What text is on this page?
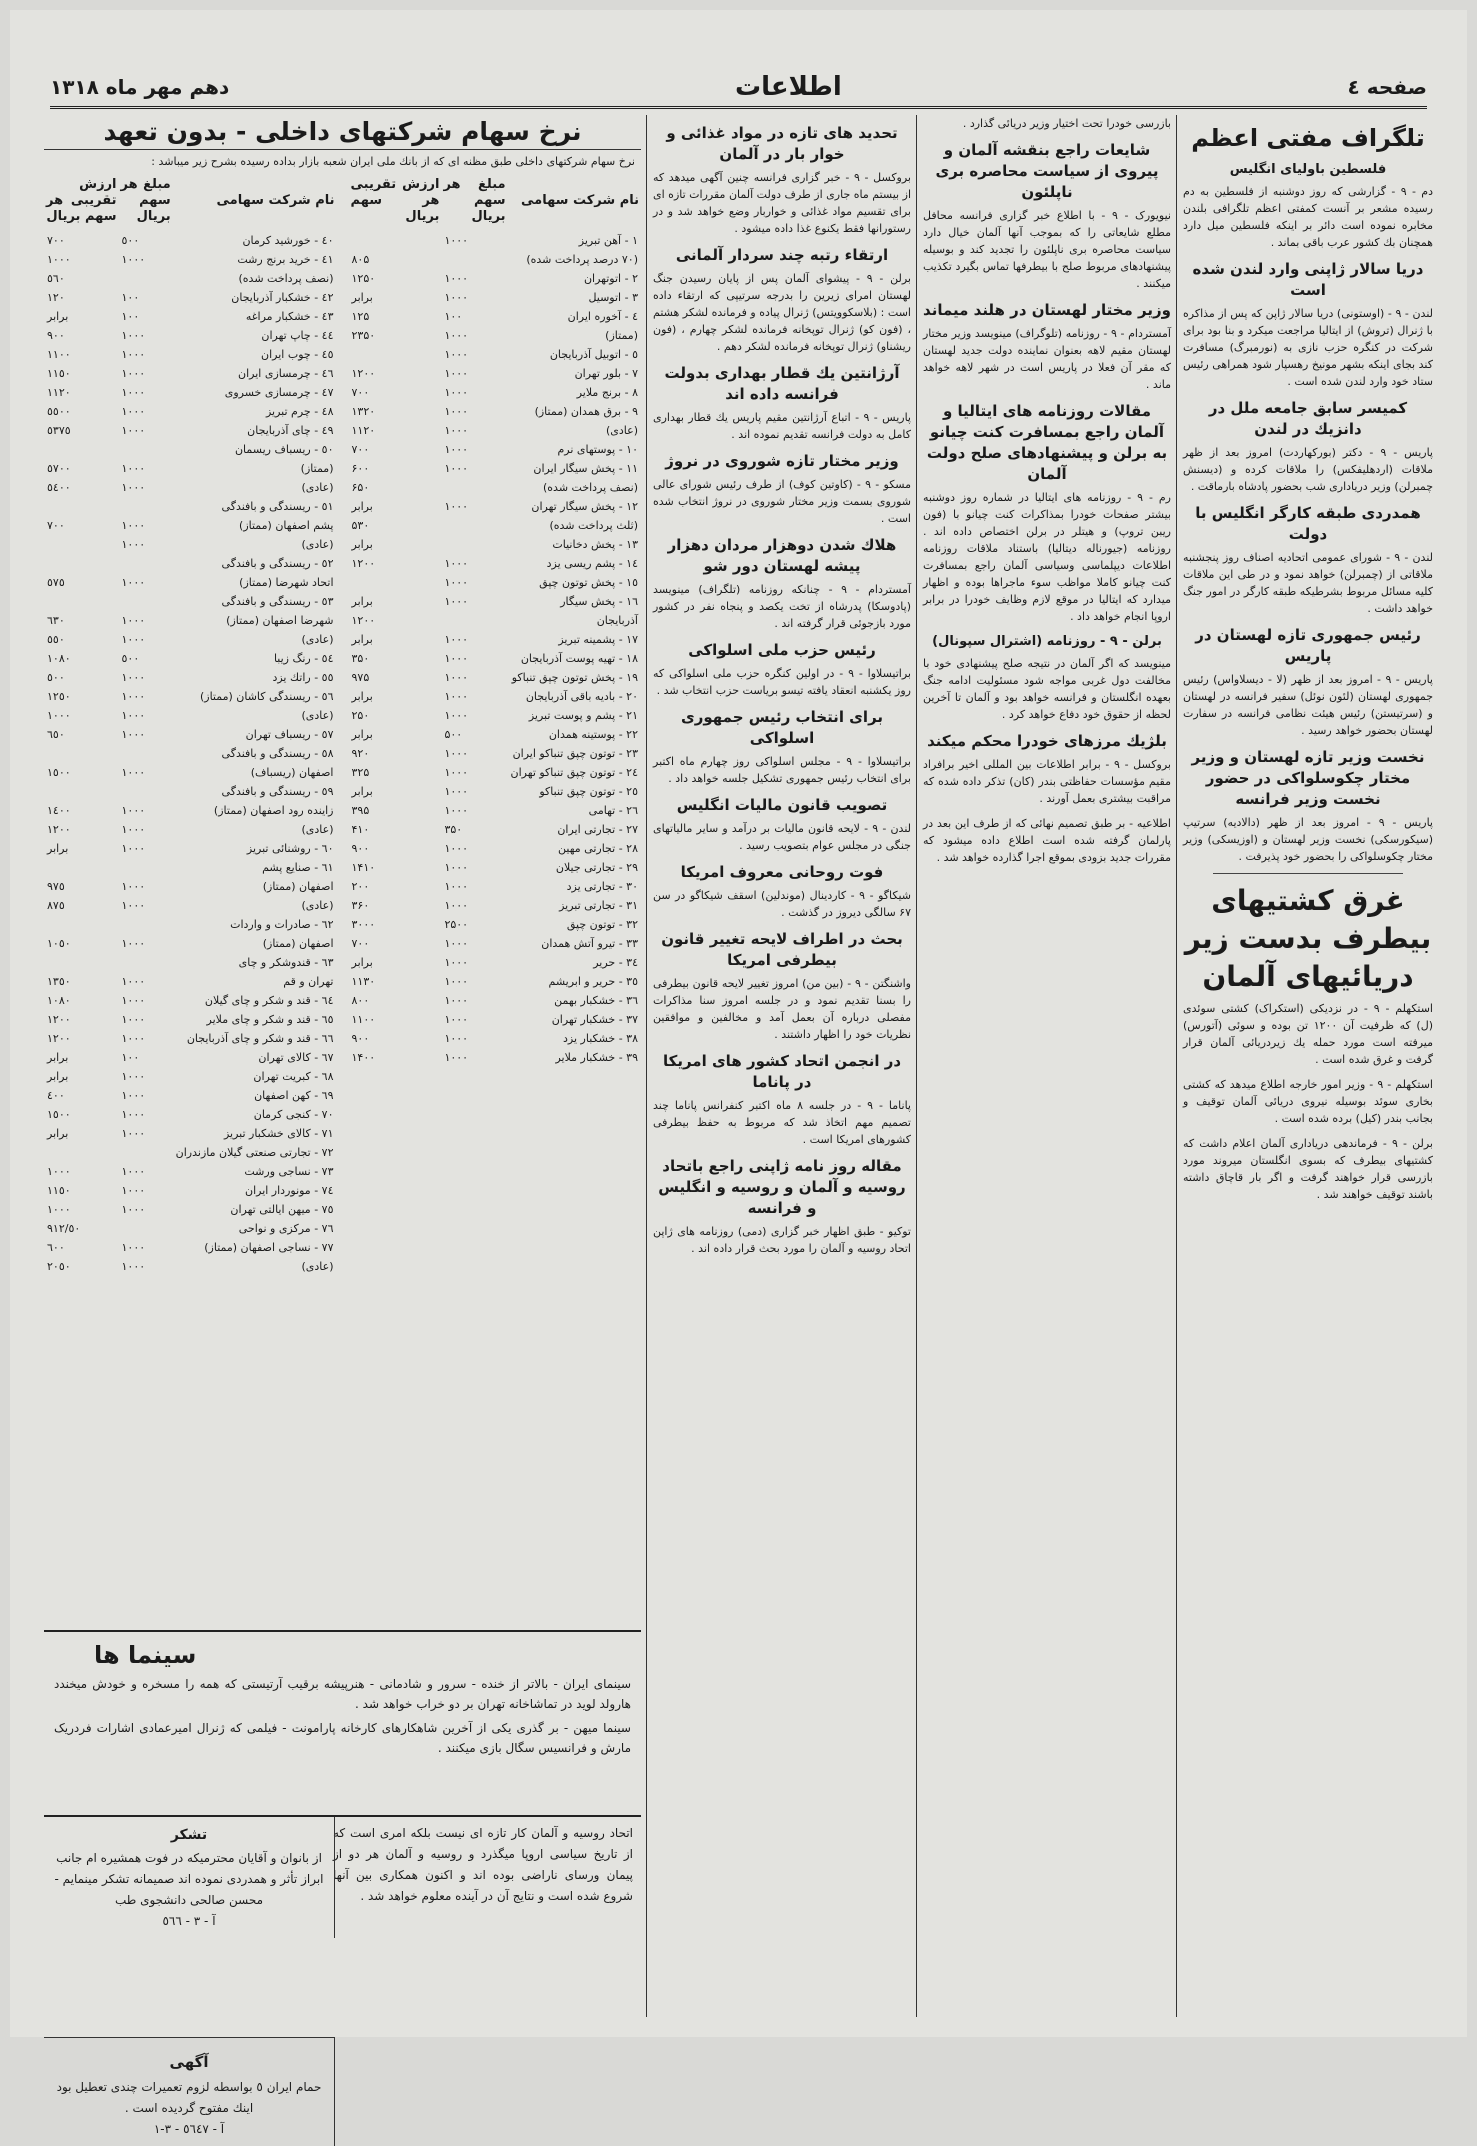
صفحه ٤
اطلاعات
دهم مهر ماه ۱۳۱۸
تلگراف مفتی اعظم
فلسطین باولیای انگلیس

دم - ۹ - گزارشی که روز دوشنبه از فلسطین به دم رسیده مشعر بر آنست کمفتی اعظم تلگرافی بلندن مخابره نموده است دائر بر اینکه فلسطین میل دارد همچنان بك كشور عرب باقی بماند .

دریا سالار ژاپنی وارد لندن شده است

لندن - ۹ - (اوستونی) دریا سالار ژاپن که پس از مذاکره با ژنرال (تروش) از ایتالیا مراجعت میکرد و بنا بود برای شرکت در کنگره حزب نازی به (نورمبرگ) مسافرت کند بجای اینکه بشهر مونیخ رهسپار شود همراهی رئیس ستاد خود وارد لندن شده است .

کمیسر سابق جامعه ملل در دانزیك در لندن

پاریس - ۹ - دکتر (بورکهاردت) امروز بعد از ظهر ملاقات (اردهلیفکس) را ملاقات کرده و (دیسنش چمبرلن) وزیر دریاداری شب بحضور پادشاه بارماقت .

همدردی طبقه کارگر انگلیس با دولت

لندن - ۹ - شورای عمومی اتحادیه اصناف روز پنجشنبه ملاقاتی از (چمبرلن) خواهد نمود و در طی این ملاقات کلیه مسائل مربوط بشرطیکه طبقه کارگر در امور جنگ خواهد داشت .

رئیس جمهوری تازه لهستان در پاریس

پاریس - ۹ - امروز بعد از ظهر (لا - دیسلاواس) رئیس جمهوری لهستان (لئون نوئل) سفیر فرانسه در لهستان و (سرتیستن) رئیس هیئت نظامی فرانسه در سفارت لهستان بحضور خواهد رسید .

نخست وزیر تازه لهستان و وزیر مختار چکوسلواکی در حضور نخست وزیر فرانسه

پاریس - ۹ - امروز بعد از ظهر (دالادیه) سرتیپ (سیکورسکی) نخست وزیر لهستان و (اوزیسکی) وزیر مختار چکوسلواکی را بحضور خود پذیرفت .

غرق کشتیهای بیطرف بدست زیر دریائیهای آلمان

استکهلم - ۹ - در نزدیکی (استکراک) کشتی سوئدی (ل) که ظرفیت آن ۱۲۰۰ تن بوده و سوئی (آتورس) میرفته است مورد حمله یك زیردریائی آلمان قرار گرفت و غرق شده است .

استکهلم - ۹ - وزیر امور خارجه اطلاع میدهد که کشتی بخاری سوئد بوسیله نیروی دریائی آلمان توقیف و بجانب بندر (کیل) برده شده است .

برلن - ۹ - فرماندهی دریاداری آلمان اعلام داشت که کشتیهای بیطرف که بسوی انگلستان میروند مورد بازرسی قرار خواهند گرفت و اگر بار قاچاق داشته باشند توقیف خواهند شد .

بازرسی خودرا تحت اختیار وزیر دریائی گذارد .

شایعات راجع بنقشه آلمان و پیروی از سیاست محاصره بری ناپلئون

نیویورک - ۹ - با اطلاع خبر گزاری فرانسه محافل مطلع شایعاتی را که بموجب آنها آلمان خیال دارد سیاست محاصره بری ناپلئون را تجدید کند و بوسیله پیشنهادهای مربوط صلح با بیطرفها تماس بگیرد تکذیب میکنند .

وزیر مختار لهستان در هلند میماند

آمستردام - ۹ - روزنامه (تلوگراف) مینویسد وزیر مختار لهستان مقیم لاهه بعنوان نماینده دولت جدید لهستان که مقر آن فعلا در پاریس است در شهر لاهه خواهد ماند .

مقالات روزنامه های ایتالیا و آلمان راجع بمسافرت کنت چیانو به برلن و پیشنهادهای صلح دولت آلمان

رم - ۹ - روزنامه های ایتالیا در شماره روز دوشنبه بیشتر صفحات خودرا بمذاکرات کنت چیانو با (فون ریبن تروپ) و هیتلر در برلن اختصاص داده اند . روزنامه (جیورناله دیتالیا) باستناد ملاقات روزنامه اطلاعات دیپلماسی وسیاسی آلمان راجع بمسافرت کنت چیانو کاملا مواظب سوء ماجراها بوده و اظهار میدارد که ایتالیا در موقع لازم وظایف خودرا در برابر اروپا انجام خواهد داد .

برلن - ۹ - روزنامه (اشترال سپونال)

مینویسد که اگر آلمان در نتیجه صلح پیشنهادی خود با مخالفت دول غربی مواجه شود مسئولیت ادامه جنگ بعهده انگلستان و فرانسه خواهد بود و آلمان تا آخرین لحظه از حقوق خود دفاع خواهد کرد .

بلژیك مرزهای خودرا محکم میکند

بروکسل - ۹ - برابر اطلاعات بین المللی اخیر برافراد مقیم مؤسسات حفاظتی بندر (کان) تذکر داده شده که مراقبت بیشتری بعمل آورند .

اطلاعیه - بر طبق تصمیم نهائی که از طرف این بعد در پارلمان گرفته شده است اطلاع داده میشود که مقررات جدید بزودی بموقع اجرا گذارده خواهد شد .

تحدید های تازه در مواد غذائی و خوار بار در آلمان

بروکسل - ۹ - خبر گزاری فرانسه چنین آگهی میدهد که از بیستم ماه جاری از طرف دولت آلمان مقررات تازه ای برای تقسیم مواد غذائی و خواربار وضع خواهد شد و در رستورانها فقط یکنوع غذا داده میشود .

ارتقاء رتبه چند سردار آلمانی

برلن - ۹ - پیشوای آلمان پس از پایان رسیدن جنگ لهستان امرای زیرین را بدرجه سرتیپی که ارتقاء داده است : (بلاسکوویتس) ژنرال پیاده و فرمانده لشکر هشتم ، (فون کو) ژنرال توپخانه فرمانده لشکر چهارم ، (فون ریشناو) ژنرال توپخانه فرمانده لشکر دهم .

آرژانتین یك قطار بهداری بدولت فرانسه داده اند

پاریس - ۹ - اتباع آرژانتین مقیم پاریس یك قطار بهداری کامل به دولت فرانسه تقدیم نموده اند .

وزیر مختار تازه شوروی در نروژ

مسکو - ۹ - (کاوتین کوف) از طرف رئیس شورای عالی شوروی بسمت وزیر مختار شوروی در نروژ انتخاب شده است .

هلاك شدن دوهزار مردان دهزار پیشه لهستان دور شو

آمستردام - ۹ - چنانکه روزنامه (تلگراف) مینویسد (پادوسکا) پدرشاه از تخت یكصد و پنجاه نفر در کشور مورد بازجوئی قرار گرفته اند .

رئیس حزب ملی اسلواکی

براتیسلاوا - ۹ - در اولین کنگره حزب ملی اسلواکی که روز یکشنبه انعقاد یافته تیسو بریاست حزب انتخاب شد .

برای انتخاب رئیس جمهوری اسلواکی

براتیسلاوا - ۹ - مجلس اسلواکی روز چهارم ماه اکتبر برای انتخاب رئیس جمهوری تشکیل جلسه خواهد داد .

تصویب قانون مالیات انگلیس

لندن - ۹ - لایحه قانون مالیات بر درآمد و سایر مالیاتهای جنگی در مجلس عوام بتصویب رسید .

فوت روحانی معروف امریکا

شیکاگو - ۹ - کاردینال (موندلین) اسقف شیکاگو در سن ۶۷ سالگی دیروز در گذشت .

بحث در اطراف لایحه تغییر قانون بیطرفی امریکا

واشنگتن - ۹ - (بین من) امروز تغییر لایحه قانون بیطرفی را بسنا تقدیم نمود و در جلسه امروز سنا مذاکرات مفصلی درباره آن بعمل آمد و مخالفین و موافقین نظریات خود را اظهار داشتند .

در انجمن اتحاد کشور های امریکا در پاناما

پاناما - ۹ - در جلسه ۸ ماه اکتبر کنفرانس پاناما چند تصمیم مهم اتخاذ شد که مربوط به حفظ بیطرفی کشورهای امریکا است .

مقاله روز نامه ژاپنی راجع باتحاد روسیه و آلمان و روسیه و انگلیس و فرانسه

توکیو - طبق اظهار خبر گزاری (دمی) روزنامه های ژاپن اتحاد روسیه و آلمان را مورد بحث قرار داده اند .

نرخ سهام شرکتهای داخلی - بدون تعهد
نرخ سهام شرکتهای داخلی طبق مظنه ای که از بانك ملی ایران شعبه بازار بداده رسیده بشرح زیر میباشد :
نام شرکت سهامی	مبلغ هر سهم بریال	ارزش تقریبی هر سهم بریال
۱ - آهن تبریز	۱۰۰۰	
(۷۰ درصد پرداخت شده)		۸۰۵
۲ - اتوتهران	۱۰۰۰	۱۲۵۰
۳ - اتوسیل	۱۰۰۰	برابر
٤ - آخوره ایران	۱۰۰	۱۲۵
(ممتاز)	۱۰۰۰	۲۳۵۰
٥ - اتوبیل آذربایجان	۱۰۰۰	
۷ - بلور تهران	۱۰۰۰	۱۲۰۰
۸ - برنج ملایر	۱۰۰۰	۷۰۰
۹ - برق همدان (ممتاز)	۱۰۰۰	۱۳۲۰
(عادی)	۱۰۰۰	۱۱۲۰
۱۰ - پوستهای نرم	۱۰۰۰	۷۰۰
۱۱ - پخش سیگار ایران	۱۰۰۰	۶۰۰
(نصف پرداخت شده)		۶۵۰
۱۲ - پخش سیگار تهران	۱۰۰۰	برابر
(ثلث پرداخت شده)		۵۳۰
۱۳ - پخش دخانیات		برابر
۱٤ - پشم ریسی یزد	۱۰۰۰	۱۲۰۰
۱٥ - پخش توتون چپق	۱۰۰۰	
۱٦ - پخش سیگار	۱۰۰۰	برابر
آذربایجان		۱۲۰۰
۱۷ - پشمینه تبریز	۱۰۰۰	برابر
۱۸ - تهیه پوست آذربایجان	۱۰۰۰	۳۵۰
۱۹ - پخش توتون چپق تنباکو	۱۰۰۰	۹۷۵
۲۰ - بادیه باقی آذربایجان	۱۰۰۰	برابر
۲۱ - پشم و پوست تبریز	۱۰۰۰	۲۵۰
۲۲ - پوستینه همدان	۵۰۰	برابر
۲۳ - توتون چپق تنباکو ایران	۱۰۰۰	۹۲۰
۲٤ - توتون چپق تنباکو تهران	۱۰۰۰	۳۲۵
۲٥ - توتون چپق تنباکو	۱۰۰۰	برابر
۲٦ - تهامی	۱۰۰۰	۳۹۵
۲۷ - تجارتی ایران	۳۵۰	۴۱۰
۲۸ - تجارتی مهین	۱۰۰۰	۹۰۰
۲۹ - تجارتی جیلان	۱۰۰۰	۱۴۱۰
۳۰ - تجارتی یزد	۱۰۰۰	۲۰۰
۳۱ - تجارتی تبریز	۱۰۰۰	۳۶۰
۳۲ - توتون چپق	۲۵۰۰	۳۰۰۰
۳۳ - تیرو آتش همدان	۱۰۰۰	۷۰۰
۳٤ - حریر	۱۰۰۰	برابر
۳٥ - حریر و ابریشم	۱۰۰۰	۱۱۳۰
۳٦ - خشکبار بهمن	۱۰۰۰	۸۰۰
۳۷ - خشکبار تهران	۱۰۰۰	۱۱۰۰
۳۸ - خشکبار یزد	۱۰۰۰	۹۰۰
۳۹ - خشکبار ملایر	۱۰۰۰	۱۴۰۰
نام شرکت سهامی	مبلغ هر سهم بریال	ارزش تقریبی هر سهم بریال
٤۰ - خورشید کرمان	٥۰۰	۷۰۰
٤۱ - خرید برنج رشت	۱۰۰۰	۱۰۰۰
(نصف پرداخت شده)		٥٦۰
٤۲ - خشکبار آذربایجان	۱۰۰	۱۲۰
٤۳ - خشکبار مراغه	۱۰۰	برابر
٤٤ - چاپ تهران	۱۰۰۰	۹۰۰
٤٥ - چوب ایران	۱۰۰۰	۱۱۰۰
٤٦ - چرمسازی ایران	۱۰۰۰	۱۱٥۰
٤۷ - چرمسازی خسروی	۱۰۰۰	۱۱۲۰
٤۸ - چرم تبریز	۱۰۰۰	٥٥۰۰
٤۹ - چای آذربایجان	۱۰۰۰	٥٣٧٥
٥۰ - ریسباف ریسمان		
(ممتاز)	۱۰۰۰	٥۷۰۰
(عادی)	۱۰۰۰	٥٤۰۰
٥۱ - ریسندگی و بافندگی		
پشم اصفهان (ممتاز)	۱۰۰۰	۷۰۰
(عادی)	۱۰۰۰	
٥۲ - ریسندگی و بافندگی		
اتحاد شهرضا (ممتاز)	۱۰۰۰	٥۷٥
٥۳ - ریسندگی و بافندگی		
شهرضا اصفهان (ممتاز)	۱۰۰۰	٦٣۰
(عادی)	۱۰۰۰	٥٥۰
٥٤ - رنگ زیبا	٥۰۰	۱۰۸۰
٥٥ - راتك یزد	۱۰۰۰	٥۰۰
٥٦ - ریسندگی کاشان (ممتاز)	۱۰۰۰	۱۲٥۰
(عادی)	۱۰۰۰	۱۰۰۰
٥۷ - ریسباف تهران	۱۰۰۰	٦٥۰
٥۸ - ریسندگی و بافندگی		
اصفهان (ریسباف)	۱۰۰۰	۱٥۰۰
٥۹ - ریسندگی و بافندگی		
زاینده رود اصفهان (ممتاز)	۱۰۰۰	۱٤۰۰
(عادی)	۱۰۰۰	۱۲۰۰
٦۰ - روشنائی تبریز	۱۰۰۰	برابر
٦۱ - صنایع پشم		
اصفهان (ممتاز)	۱۰۰۰	۹۷٥
(عادی)	۱۰۰۰	۸۷٥
٦۲ - صادرات و واردات		
اصفهان (ممتاز)	۱۰۰۰	۱۰٥۰
٦۳ - قندوشکر و چای		
تهران و قم	۱۰۰۰	۱۳٥۰
٦٤ - قند و شکر و چای گیلان	۱۰۰۰	۱۰۸۰
٦٥ - قند و شکر و چای ملایر	۱۰۰۰	۱۲۰۰
٦٦ - قند و شکر و چای آذربایجان	۱۰۰۰	۱۲۰۰
٦۷ - کالای تهران	۱۰۰	برابر
٦۸ - کبریت تهران	۱۰۰۰	برابر
٦۹ - کهن اصفهان	۱۰۰۰	٤۰۰
۷۰ - کنجی کرمان	۱۰۰۰	۱٥۰۰
۷۱ - کالای خشکبار تبریز	۱۰۰۰	برابر
۷۲ - تجارتی صنعتی گیلان مازندران		
۷۳ - نساجی ورشت	۱۰۰۰	۱۰۰۰
۷٤ - مونوردار ایران	۱۰۰۰	۱۱٥۰
۷٥ - میهن ایالتی تهران	۱۰۰۰	۱۰۰۰
۷٦ - مرکزی و نواحی		۹۱۲/٥۰
۷۷ - نساجی اصفهان (ممتاز)	۱۰۰۰	٦۰۰
(عادی)	۱۰۰۰	۲۰٥۰
سینما ها

سینمای ایران - بالاتر از خنده - سرور و شادمانی - هنرپیشه برقیب آرتیستی که همه را مسخره و خودش میخندد هارولد لوید در تماشاخانه تهران بر دو خراب خواهد شد .

سینما میهن - بر گذری یکی از آخرین شاهکارهای کارخانه پارامونت - فیلمی که ژنرال امیرعمادی اشارات فردریک مارش و فرانسیس سگال بازی میکنند .

اتحاد روسیه و آلمان کار تازه ای نیست بلکه امری است که از تاریخ سیاسی اروپا میگذرد و روسیه و آلمان هر دو از پیمان ورسای ناراضی بوده اند و اکنون همکاری بین آنها شروع شده است و نتایج آن در آینده معلوم خواهد شد .
تشکر
از بانوان و آقایان محترمیکه در فوت همشیره ام جانب ابراز تأثر و همدردی نموده اند صمیمانه تشکر مینمایم - محسن صالحی دانشجوی طب
آ - ۳ - ٥٦٦
آگهی
حمام ایران ٥ بواسطه لزوم تعمیرات چندی تعطیل بود اینك مفتوح گردیده است .
آ - ٥٦٤۷ - ۳-۱
